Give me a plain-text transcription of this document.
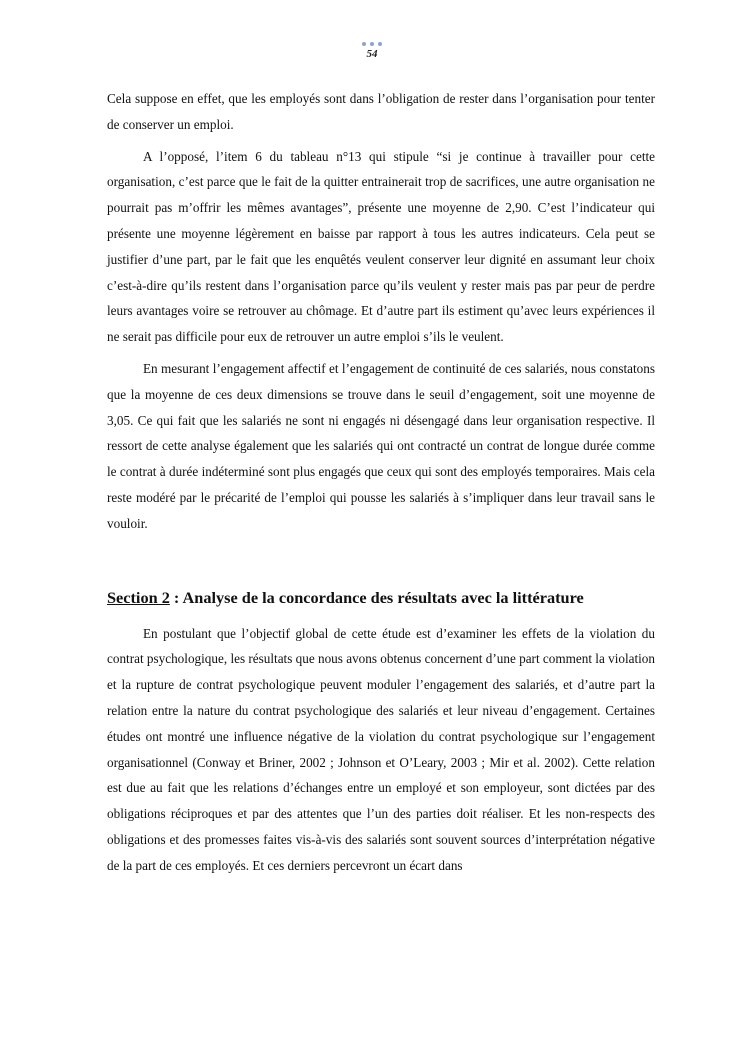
54

Cela suppose en effet, que les employés sont dans l’obligation de rester dans l’organisation pour tenter de conserver un emploi.

A l’opposé, l’item 6 du tableau n°13 qui stipule “si je continue à travailler pour cette organisation, c’est parce que le fait de la quitter entrainerait trop de sacrifices, une autre organisation ne pourrait pas m’offrir les mêmes avantages”, présente une moyenne de 2,90. C’est l’indicateur qui présente une moyenne légèrement en baisse par rapport à tous les autres indicateurs. Cela peut se justifier d’une part, par le fait que les enquêtés veulent conserver leur dignité en assumant leur choix c’est-à-dire qu’ils restent dans l’organisation parce qu’ils veulent y rester mais pas par peur de perdre leurs avantages voire se retrouver au chômage. Et d’autre part ils estiment qu’avec leurs expériences il ne serait pas difficile pour eux de retrouver un autre emploi s’ils le veulent.

En mesurant l’engagement affectif et l’engagement de continuité de ces salariés, nous constatons que la moyenne de ces deux dimensions se trouve dans le seuil d’engagement, soit une moyenne de 3,05. Ce qui fait que les salariés ne sont ni engagés ni désengagé dans leur organisation respective. Il ressort de cette analyse également que les salariés qui ont contracté un contrat de longue durée comme le contrat à durée indéterminé sont plus engagés que ceux qui sont des employés temporaires. Mais cela reste modéré par le précarité de l’emploi qui pousse les salariés à s’impliquer dans leur travail sans le vouloir.

Section 2 : Analyse de la concordance des résultats avec la littérature

En postulant que l’objectif global de cette étude est d’examiner les effets de la violation du contrat psychologique, les résultats que nous avons obtenus concernent d’une part comment la violation et la rupture de contrat psychologique peuvent moduler l’engagement des salariés, et d’autre part la relation entre la nature du contrat psychologique des salariés et leur niveau d’engagement. Certaines études ont montré une influence négative de la violation du contrat psychologique sur l’engagement organisationnel (Conway et Briner, 2002 ; Johnson et O’Leary, 2003 ; Mir et al. 2002). Cette relation est due au fait que les relations d’échanges entre un employé et son employeur, sont dictées par des obligations réciproques et par des attentes que l’un des parties doit réaliser. Et les non-respects des obligations et des promesses faites vis-à-vis des salariés sont souvent sources d’interprétation négative de la part de ces employés. Et ces derniers percevront un écart dans
